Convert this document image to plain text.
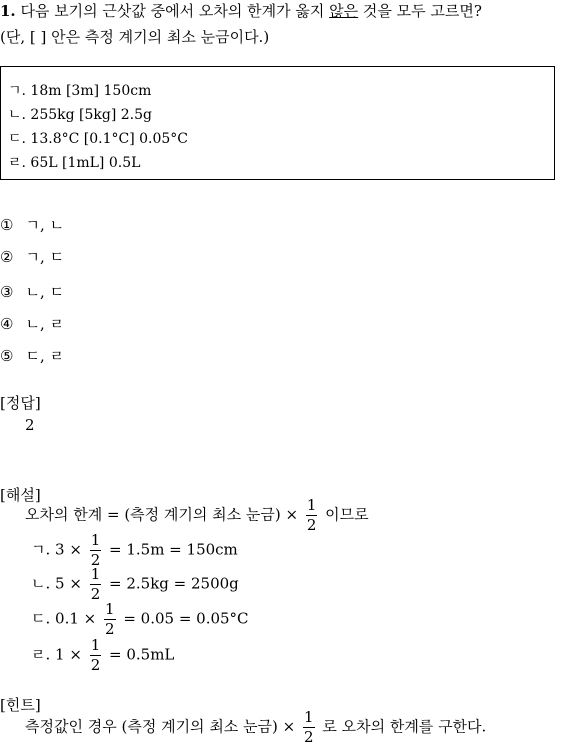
1. 다음 보기의 근삿값 중에서 오차의 한계가 옳지 않은 것을 모두 고르면?
(단, [ ] 안은 측정 계기의 최소 눈금이다.)
ㄱ. 18m [3m] 150cm
ㄴ. 255kg [5kg] 2.5g
ㄷ. 13.8°C [0.1°C] 0.05°C
ㄹ. 65L [1mL] 0.5L
① ㄱ, ㄴ
② ㄱ, ㄷ
③ ㄴ, ㄷ
④ ㄴ, ㄹ
⑤ ㄷ, ㄹ
[정답]
2
[해설]
오차의 한계 = (측정 계기의 최소 눈금) × $\frac{1}{2}$ 이므로
ㄱ. $3 \times \frac{1}{2} = 1.5m = 150cm$
ㄴ. $5 \times \frac{1}{2} = 2.5kg = 2500g$
ㄷ. $0.1 \times \frac{1}{2} = 0.05 = 0.05^\circ C$
ㄹ. $1 \times \frac{1}{2} = 0.5mL$
[힌트]
측정값인 경우 (측정 계기의 최소 눈금) × $\frac{1}{2}$ 로 오차의 한계를 구한다.
